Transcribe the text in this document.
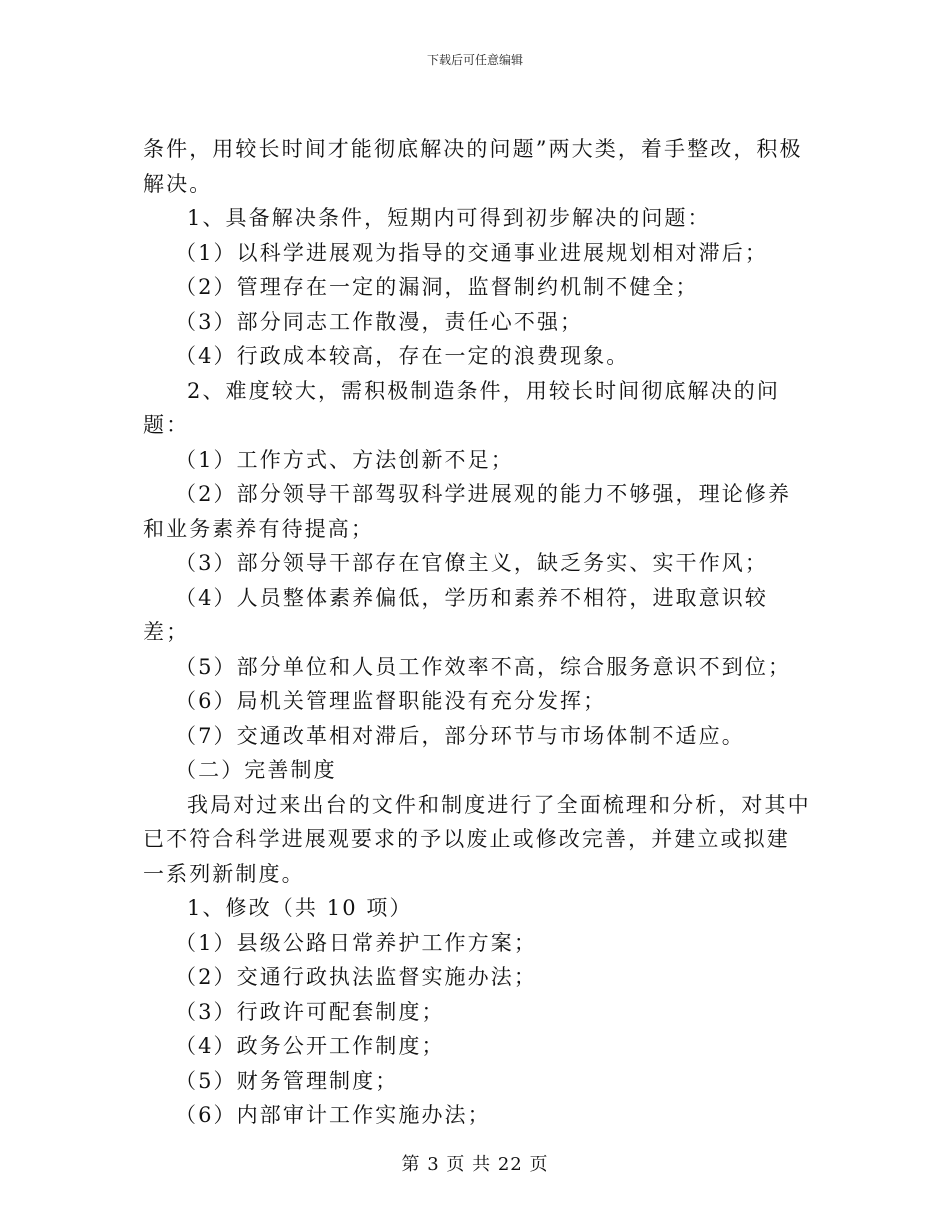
下载后可任意编辑

条件，用较长时间才能彻底解决的问题”两大类，着手整改，积极解决。

1、具备解决条件，短期内可得到初步解决的问题：

（1）以科学进展观为指导的交通事业进展规划相对滞后；

（2）管理存在一定的漏洞，监督制约机制不健全；

（3）部分同志工作散漫，责任心不强；

（4）行政成本较高，存在一定的浪费现象。

2、难度较大，需积极制造条件，用较长时间彻底解决的问题：

（1）工作方式、方法创新不足；

（2）部分领导干部驾驭科学进展观的能力不够强，理论修养和业务素养有待提高；

（3）部分领导干部存在官僚主义，缺乏务实、实干作风；

（4）人员整体素养偏低，学历和素养不相符，进取意识较差；

（5）部分单位和人员工作效率不高，综合服务意识不到位；

（6）局机关管理监督职能没有充分发挥；

（7）交通改革相对滞后，部分环节与市场体制不适应。

（二）完善制度

我局对过来出台的文件和制度进行了全面梳理和分析，对其中已不符合科学进展观要求的予以废止或修改完善，并建立或拟建一系列新制度。

1、修改（共 10 项）

（1）县级公路日常养护工作方案；

（2）交通行政执法监督实施办法；

（3）行政许可配套制度；

（4）政务公开工作制度；

（5）财务管理制度；

（6）内部审计工作实施办法；

第 3 页 共 22 页
